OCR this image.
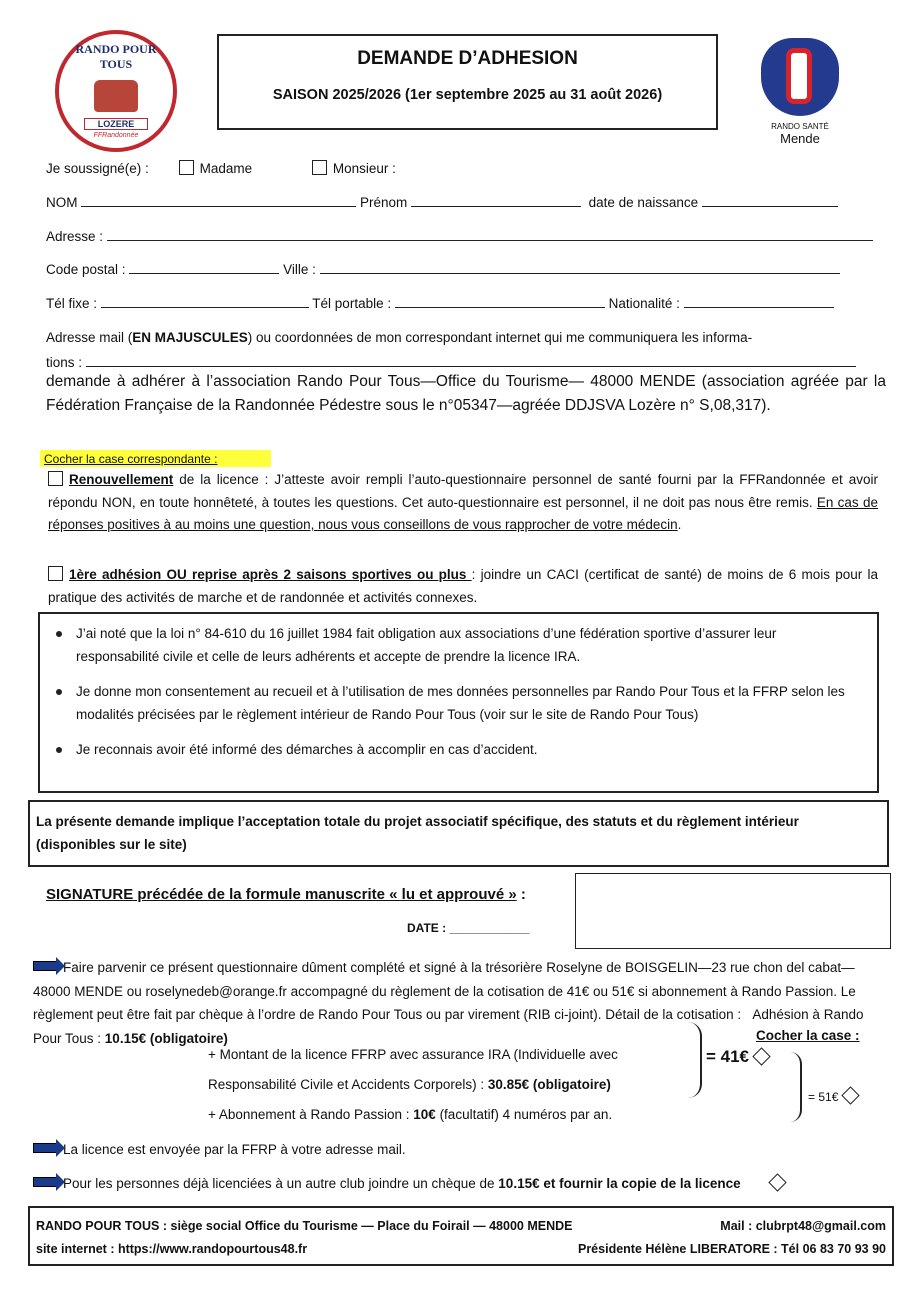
RANDO POUR TOUS
LOZERE
FFRandonnée
DEMANDE D’ADHESION
SAISON 2025/2026 (1er septembre 2025 au 31 août 2026)
RANDO SANTÉ
Mende
Je soussigné(e) :	Madame	Monsieur :
NOM	Prénom	date de naissance
Adresse :
Code postal :	Ville :
Tél fixe :	Tél portable :	Nationalité :
Adresse mail (EN MAJUSCULES) ou coordonnées de mon correspondant internet qui me communiquera les informa-
tions :
demande à adhérer à l’association Rando Pour Tous—Office du Tourisme— 48000 MENDE (association agréée par la Fédération Française de la Randonnée Pédestre sous le n°05347—agréée DDJSVA Lozère n° S,08,317).
Cocher la case correspondante :
Renouvellement de la licence : J’atteste avoir rempli l’auto-questionnaire personnel de santé fourni par la FFRandonnée et avoir répondu NON, en toute honnêteté, à toutes les questions. Cet auto-questionnaire est personnel, il ne doit pas nous être remis. En cas de réponses positives à au moins une question, nous vous conseillons de vous rapprocher de votre médecin.
1ère adhésion OU reprise après 2 saisons sportives ou plus : joindre un CACI (certificat de santé) de moins de 6 mois pour la pratique des activités de marche et de randonnée et activités connexes.
J’ai noté que la loi n° 84-610 du 16 juillet 1984 fait obligation aux associations d’une fédération sportive d’assurer leur responsabilité civile et celle de leurs adhérents et accepte de prendre la licence IRA.
Je donne mon consentement au recueil et à l’utilisation de mes données personnelles par Rando Pour Tous et la FFRP selon les modalités précisées par le règlement intérieur de Rando Pour Tous (voir sur le site de Rando Pour Tous)
Je reconnais avoir été informé des démarches à accomplir en cas d’accident.
La présente demande implique l’acceptation totale du projet associatif spécifique, des statuts et du règlement intérieur (disponibles sur le site)
SIGNATURE précédée de la formule manuscrite « lu et approuvé » :
DATE : ____________
Faire parvenir ce présent questionnaire dûment complété et signé à la trésorière Roselyne de BOISGELIN—23 rue chon del cabat—48000 MENDE ou roselynedeb@orange.fr accompagné du règlement de la cotisation de 41€ ou 51€ si abonnement à Rando Passion. Le règlement peut être fait par chèque à l’ordre de Rando Pour Tous ou par virement (RIB ci-joint). Détail de la cotisation : Adhésion à Rando Pour Tous : 10.15€ (obligatoire)
+ Montant de la licence FFRP avec assurance IRA (Individuelle avec
Responsabilité Civile et Accidents Corporels) : 30.85€ (obligatoire)
+ Abonnement à Rando Passion : 10€ (facultatif) 4 numéros par an.
= 41€
Cocher la case :
= 51€
La licence est envoyée par la FFRP à votre adresse mail.
Pour les personnes déjà licenciées à un autre club joindre un chèque de 10.15€ et fournir la copie de la licence
RANDO POUR TOUS : siège social Office du Tourisme — Place du Foirail — 48000 MENDE	Mail : clubrpt48@gmail.com
site internet : https://www.randopourtous48.fr	Présidente Hélène LIBERATORE : Tél 06 83 70 93 90
